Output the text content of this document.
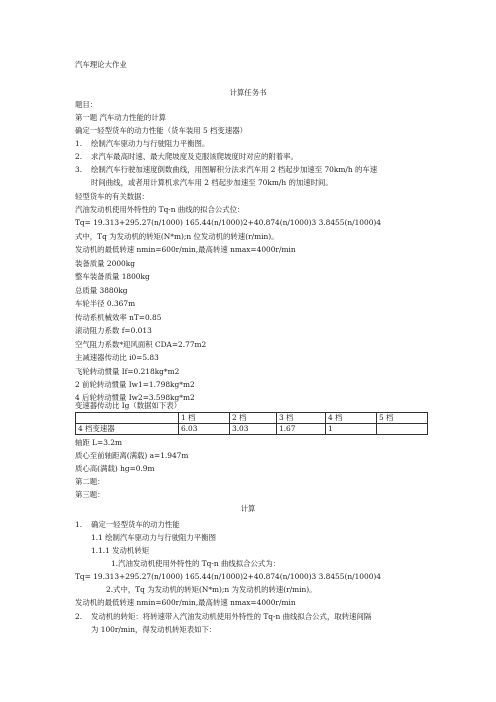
汽车理论大作业
计算任务书
题目：
第一题 汽车动力性能的计算
确定一轻型货车的动力性能（货车装用 5 档变速器）
1. 绘制汽车驱动力与行驶阻力平衡图。
2. 求汽车最高时速、最大爬坡度及克服该爬坡度时对应的附着率。
3. 绘制汽车行驶加速度倒数曲线，用图解积分法求汽车用 2 档起步加速至 70km/h 的车速
时间曲线，或者用计算机求汽车用 2 档起步加速至 70km/h 的加速时间。
轻型货车的有关数据：
汽油发动机使用外特性的 Tq-n 曲线的拟合公式位：
Tq= 19.313+295.27(n/1000) 165.44(n/1000)2+40.874(n/1000)3 3.8455(n/1000)4
式中，Tq 为发动机的转矩(N*m);n 位发动机的转速(r/min)。
发动机的最低转速 nmin=600r/min,最高转速 nmax=4000r/min
装备质量 2000kg
整车装备质量 1800kg
总质量 3880kg
车轮半径 0.367m
传动系机械效率 nT=0.85
滚动阻力系数 f=0.013
空气阻力系数*迎风面积 CDA=2.77m2
主减速器传动比 i0=5.83
飞轮转动惯量 If=0.218kg*m2
2 前轮转动惯量 Iw1=1.798kg*m2
4 后轮转动惯量 Iw2=3.598kg*m2
变速器传动比 Ig（数据如下表）
	1 档	2 档	3 档	4 档	5 档
4 档变速器	6.03	3.03	1.67	1	
轴距 L=3.2m
质心至前轴距离(满载) a=1.947m
质心高(满载) hg=0.9m
第二题：
第三题：
计算
1. 确定一轻型货车的动力性能
1.1 绘制汽车驱动力与行驶阻力平衡图
1.1.1 发动机转矩
1.汽油发动机使用外特性的 Tq-n 曲线拟合公式为：
Tq= 19.313+295.27(n/1000) 165.44(n/1000)2+40.874(n/1000)3 3.8455(n/1000)4
2.式中，Tq 为发动机的转矩(N*m);n 为发动机的转速(r/min)。
发动机的最低转速 nmin=600r/min,最高转速 nmax=4000r/min
2. 发动机的转矩：将转速带入汽油发动机使用外特性的 Tq-n 曲线拟合公式，取转速间隔
为 100r/min，得发动机转矩表如下：
